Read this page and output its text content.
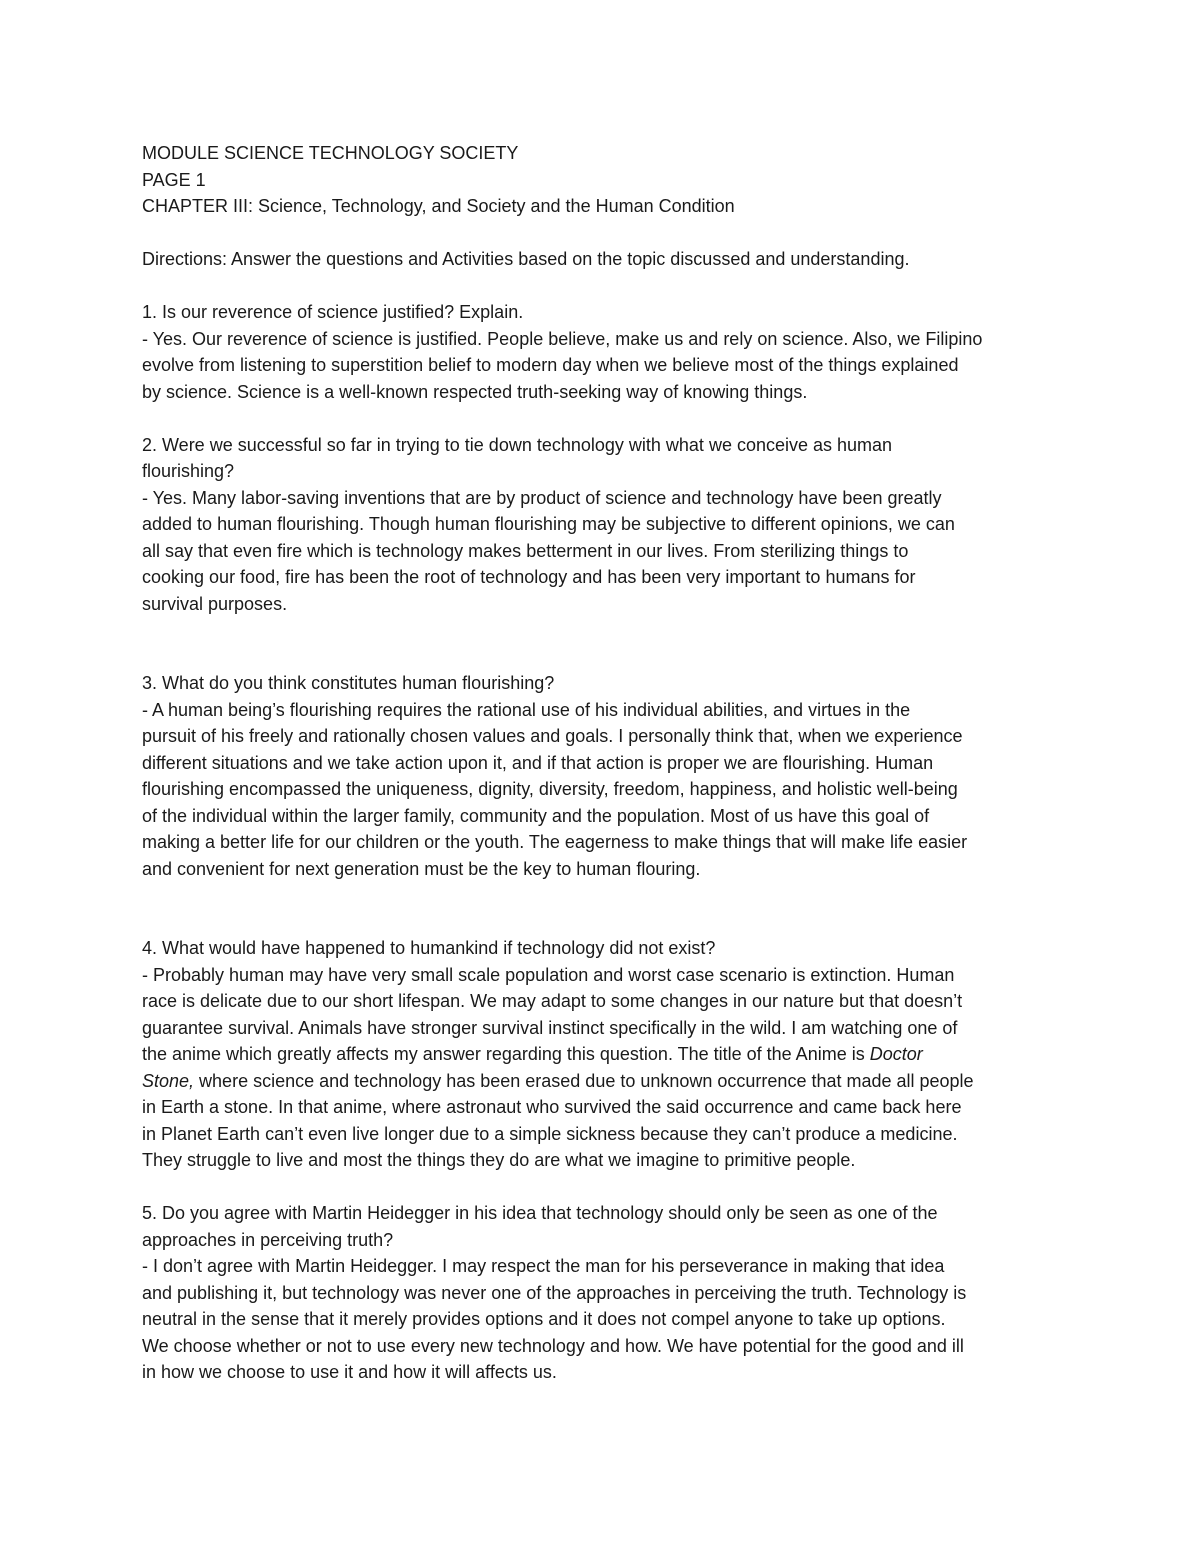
MODULE SCIENCE TECHNOLOGY SOCIETY
PAGE 1
CHAPTER III: Science, Technology, and Society and the Human Condition
Directions: Answer the questions and Activities based on the topic discussed and understanding.
1. Is our reverence of science justified? Explain.
- Yes. Our reverence of science is justified. People believe, make us and rely on science. Also, we Filipino
evolve from listening to superstition belief to modern day when we believe most of the things explained
by science. Science is a well-known respected truth-seeking way of knowing things.
2. Were we successful so far in trying to tie down technology with what we conceive as human
flourishing?
- Yes. Many labor-saving inventions that are by product of science and technology have been greatly
added to human flourishing. Though human flourishing may be subjective to different opinions, we can
all say that even fire which is technology makes betterment in our lives. From sterilizing things to
cooking our food, fire has been the root of technology and has been very important to humans for
survival purposes.
3. What do you think constitutes human flourishing?
- A human being’s flourishing requires the rational use of his individual abilities, and virtues in the
pursuit of his freely and rationally chosen values and goals. I personally think that, when we experience
different situations and we take action upon it, and if that action is proper we are flourishing. Human
flourishing encompassed the uniqueness, dignity, diversity, freedom, happiness, and holistic well-being
of the individual within the larger family, community and the population. Most of us have this goal of
making a better life for our children or the youth. The eagerness to make things that will make life easier
and convenient for next generation must be the key to human flouring.
4. What would have happened to humankind if technology did not exist?
- Probably human may have very small scale population and worst case scenario is extinction. Human
race is delicate due to our short lifespan. We may adapt to some changes in our nature but that doesn’t
guarantee survival. Animals have stronger survival instinct specifically in the wild. I am watching one of
the anime which greatly affects my answer regarding this question. The title of the Anime is Doctor
Stone, where science and technology has been erased due to unknown occurrence that made all people
in Earth a stone. In that anime, where astronaut who survived the said occurrence and came back here
in Planet Earth can’t even live longer due to a simple sickness because they can’t produce a medicine.
They struggle to live and most the things they do are what we imagine to primitive people.
5. Do you agree with Martin Heidegger in his idea that technology should only be seen as one of the
approaches in perceiving truth?
- I don’t agree with Martin Heidegger. I may respect the man for his perseverance in making that idea
and publishing it, but technology was never one of the approaches in perceiving the truth. Technology is
neutral in the sense that it merely provides options and it does not compel anyone to take up options.
We choose whether or not to use every new technology and how. We have potential for the good and ill
in how we choose to use it and how it will affects us.
